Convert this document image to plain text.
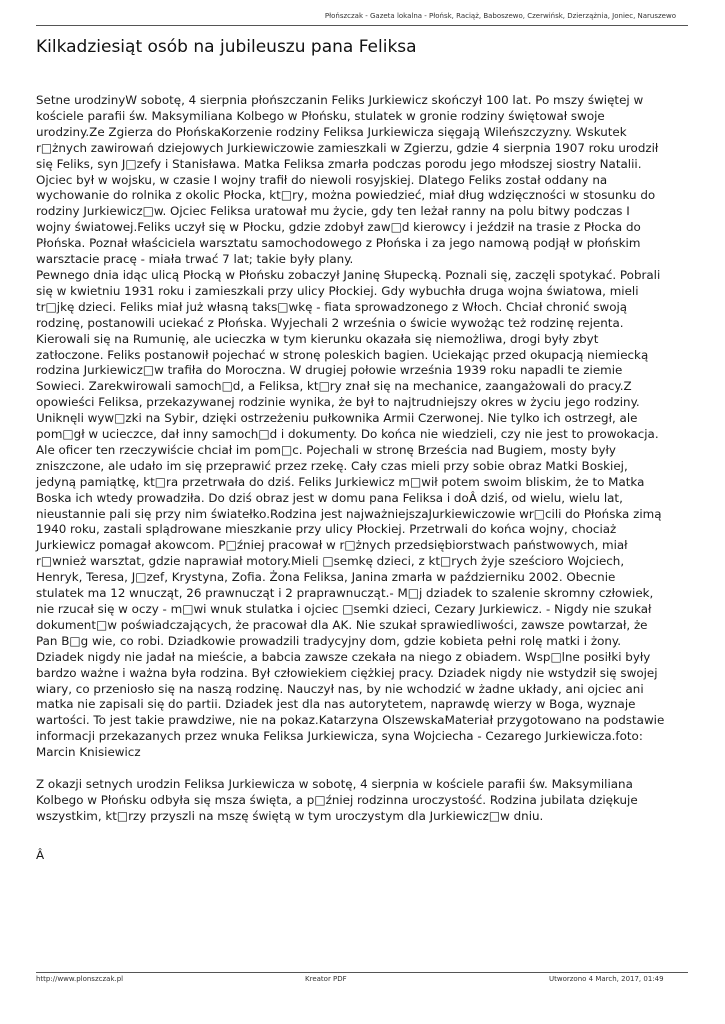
Płońszczak - Gazeta lokalna - Płońsk, Raciąż, Baboszewo, Czerwińsk, Dzierzążnia, Joniec, Naruszewo
Kilkadziesiąt osób na jubileuszu pana Feliksa

Setne urodzinyW sobotę, 4 sierpnia płońszczanin Feliks Jurkiewicz skończył 100 lat. Po mszy świętej w
kościele parafii św. Maksymiliana Kolbego w Płońsku, stulatek w gronie rodziny świętował swoje
urodziny.Ze Zgierza do PłońskaKorzenie rodziny Feliksa Jurkiewicza sięgają Wileńszczyzny. Wskutek
r□żnych zawirowań dziejowych Jurkiewiczowie zamieszkali w Zgierzu, gdzie 4 sierpnia 1907 roku urodził
się Feliks, syn J□zefy i Stanisława. Matka Feliksa zmarła podczas porodu jego młodszej siostry Natalii.
Ojciec był w wojsku, w czasie I wojny trafił do niewoli rosyjskiej. Dlatego Feliks został oddany na
wychowanie do rolnika z okolic Płocka, kt□ry, można powiedzieć, miał dług wdzięczności w stosunku do
rodziny Jurkiewicz□w. Ojciec Feliksa uratował mu życie, gdy ten leżał ranny na polu bitwy podczas I
wojny światowej.Feliks uczył się w Płocku, gdzie zdobył zaw□d kierowcy i jeździł na trasie z Płocka do
Płońska. Poznał właściciela warsztatu samochodowego z Płońska i za jego namową podjął w płońskim
warsztacie pracę - miała trwać 7 lat; takie były plany.
Pewnego dnia idąc ulicą Płocką w Płońsku zobaczył Janinę Słupecką. Poznali się, zaczęli spotykać. Pobrali
się w kwietniu 1931 roku i zamieszkali przy ulicy Płockiej. Gdy wybuchła druga wojna światowa, mieli
tr□jkę dzieci. Feliks miał już własną taks□wkę - fiata sprowadzonego z Włoch. Chciał chronić swoją
rodzinę, postanowili uciekać z Płońska. Wyjechali 2 września o świcie wywożąc też rodzinę rejenta.
Kierowali się na Rumunię, ale ucieczka w tym kierunku okazała się niemożliwa, drogi były zbyt
zatłoczone. Feliks postanowił pojechać w stronę poleskich bagien. Uciekając przed okupacją niemiecką
rodzina Jurkiewicz□w trafiła do Moroczna. W drugiej połowie września 1939 roku napadli te ziemie
Sowieci. Zarekwirowali samoch□d, a Feliksa, kt□ry znał się na mechanice, zaangażowali do pracy.Z
opowieści Feliksa, przekazywanej rodzinie wynika, że był to najtrudniejszy okres w życiu jego rodziny.
Uniknęli wyw□zki na Sybir, dzięki ostrzeżeniu pułkownika Armii Czerwonej. Nie tylko ich ostrzegł, ale
pom□gł w ucieczce, dał inny samoch□d i dokumenty. Do końca nie wiedzieli, czy nie jest to prowokacja.
Ale oficer ten rzeczywiście chciał im pom□c. Pojechali w stronę Brześcia nad Bugiem, mosty były
zniszczone, ale udało im się przeprawić przez rzekę. Cały czas mieli przy sobie obraz Matki Boskiej,
jedyną pamiątkę, kt□ra przetrwała do dziś. Feliks Jurkiewicz m□wił potem swoim bliskim, że to Matka
Boska ich wtedy prowadziła. Do dziś obraz jest w domu pana Feliksa i doÂ dziś, od wielu, wielu lat,
nieustannie pali się przy nim światełko.Rodzina jest najważniejszaJurkiewiczowie wr□cili do Płońska zimą
1940 roku, zastali splądrowane mieszkanie przy ulicy Płockiej. Przetrwali do końca wojny, chociaż
Jurkiewicz pomagał akowcom. P□źniej pracował w r□żnych przedsiębiorstwach państwowych, miał
r□wnież warsztat, gdzie naprawiał motory.Mieli □semkę dzieci, z kt□rych żyje sześcioro Wojciech,
Henryk, Teresa, J□zef, Krystyna, Zofia. Żona Feliksa, Janina zmarła w październiku 2002. Obecnie
stulatek ma 12 wnucząt, 26 prawnucząt i 2 praprawnucząt.- M□j dziadek to szalenie skromny człowiek,
nie rzucał się w oczy - m□wi wnuk stulatka i ojciec □semki dzieci, Cezary Jurkiewicz. - Nigdy nie szukał
dokument□w poświadczających, że pracował dla AK. Nie szukał sprawiedliwości, zawsze powtarzał, że
Pan B□g wie, co robi. Dziadkowie prowadzili tradycyjny dom, gdzie kobieta pełni rolę matki i żony.
Dziadek nigdy nie jadał na mieście, a babcia zawsze czekała na niego z obiadem. Wsp□lne posiłki były
bardzo ważne i ważna była rodzina. Był człowiekiem ciężkiej pracy. Dziadek nigdy nie wstydził się swojej
wiary, co przeniosło się na naszą rodzinę. Nauczył nas, by nie wchodzić w żadne układy, ani ojciec ani
matka nie zapisali się do partii. Dziadek jest dla nas autorytetem, naprawdę wierzy w Boga, wyznaje
wartości. To jest takie prawdziwe, nie na pokaz.Katarzyna OlszewskaMateriał przygotowano na podstawie
informacji przekazanych przez wnuka Feliksa Jurkiewicza, syna Wojciecha - Cezarego Jurkiewicza.foto:
Marcin Knisiewicz

Z okazji setnych urodzin Feliksa Jurkiewicza w sobotę, 4 sierpnia w kościele parafii św. Maksymiliana
Kolbego w Płońsku odbyła się msza święta, a p□źniej rodzinna uroczystość. Rodzina jubilata dziękuje
wszystkim, kt□rzy przyszli na mszę świętą w tym uroczystym dla Jurkiewicz□w dniu.

Â

http://www.plonszczak.pl	Kreator PDF	Utworzono 4 March, 2017, 01:49
